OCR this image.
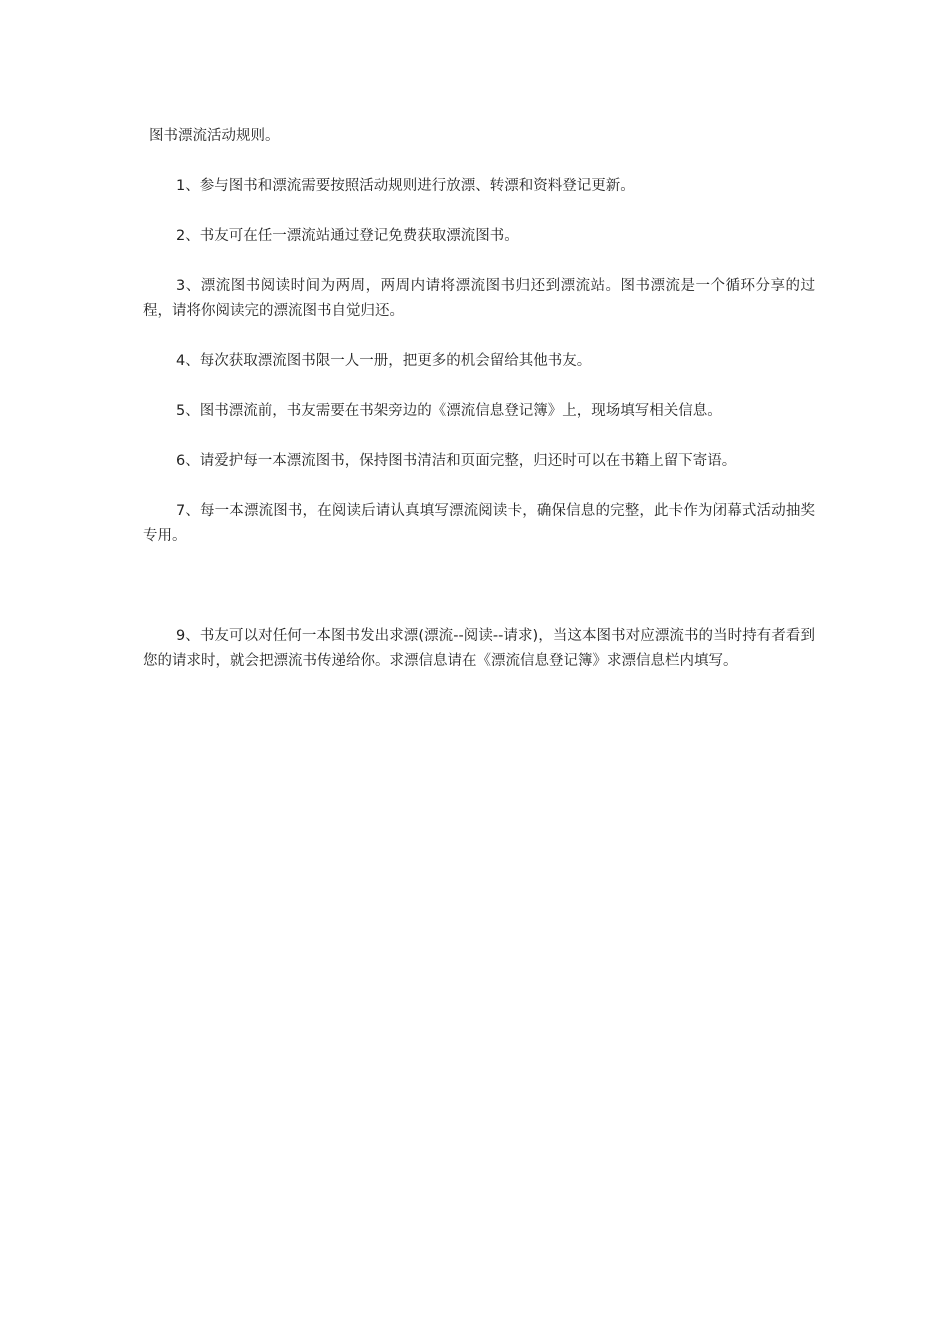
图书漂流活动规则。

1、参与图书和漂流需要按照活动规则进行放漂、转漂和资料登记更新。

2、书友可在任一漂流站通过登记免费获取漂流图书。

3、漂流图书阅读时间为两周，两周内请将漂流图书归还到漂流站。图书漂流是一个循环分享的过程，请将你阅读完的漂流图书自觉归还。

4、每次获取漂流图书限一人一册，把更多的机会留给其他书友。

5、图书漂流前，书友需要在书架旁边的《漂流信息登记簿》上，现场填写相关信息。

6、请爱护每一本漂流图书，保持图书清洁和页面完整，归还时可以在书籍上留下寄语。

7、每一本漂流图书，在阅读后请认真填写漂流阅读卡，确保信息的完整，此卡作为闭幕式活动抽奖专用。

9、书友可以对任何一本图书发出求漂(漂流--阅读--请求)，当这本图书对应漂流书的当时持有者看到您的请求时，就会把漂流书传递给你。求漂信息请在《漂流信息登记簿》求漂信息栏内填写。
